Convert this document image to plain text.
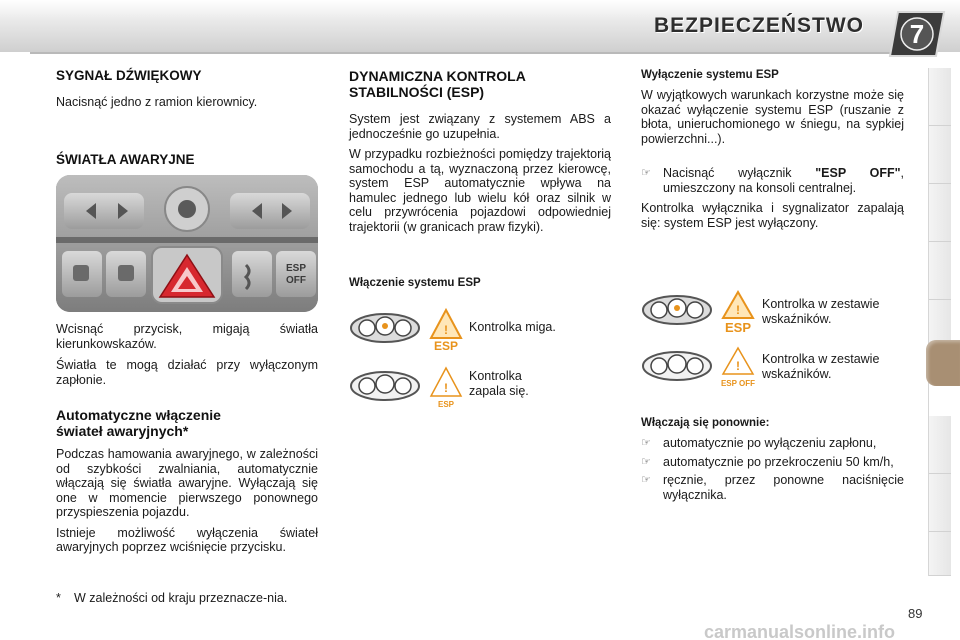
BEZPIECZEŃSTWO 7
SYGNAŁ DŹWIĘKOWY
Nacisnąć jedno z ramion kierownicy.
ŚWIATŁA AWARYJNE
ESP
OFF
Wcisnąć przycisk, migają światła kierunkowskazów.
Światła te mogą działać przy wyłączonym zapłonie.
Automatyczne włączenie
świateł awaryjnych*
Podczas hamowania awaryjnego, w zależności od szybkości zwalniania, automatycznie włączają się światła awaryjne. Wyłączają się one w momencie pierwszego ponownego przyspieszenia pojazdu.
Istnieje możliwość wyłączenia świateł awaryjnych poprzez wciśnięcie przycisku.
*	W zależności od kraju przeznacze-nia.
DYNAMICZNA KONTROLA
STABILNOŚCI (ESP)
System jest związany z systemem ABS a jednocześnie go uzupełnia.
W przypadku rozbieżności pomiędzy trajektorią samochodu a tą, wyznaczoną przez kierowcę, system ESP automatycznie wpływa na hamulec jednego lub wielu kół oraz silnik w celu przywrócenia pojazdowi odpowiedniej trajektorii (w granicach praw fizyki).
Włączenie systemu ESP
!
ESP
Kontrolka miga.
!
ESP
Kontrolka
zapala się.
Wyłączenie systemu ESP
W wyjątkowych warunkach korzystne może się okazać wyłączenie systemu ESP (ruszanie z błota, unieruchomionego w śniegu, na sypkiej powierzchni...).
☞ Nacisnąć wyłącznik "ESP OFF", umieszczony na konsoli centralnej.
Kontrolka wyłącznika i sygnalizator zapalają się: system ESP jest wyłączony.
!
ESP
Kontrolka w zestawie
wskaźników.
!
ESP OFF
Kontrolka w zestawie
wskaźników.
Włączają się ponownie:
☞ automatycznie po wyłączeniu zapłonu,
☞ automatycznie po przekroczeniu 50 km/h,
☞ ręcznie, przez ponowne naciśnięcie wyłącznika.
89
carmanualsonline.info
